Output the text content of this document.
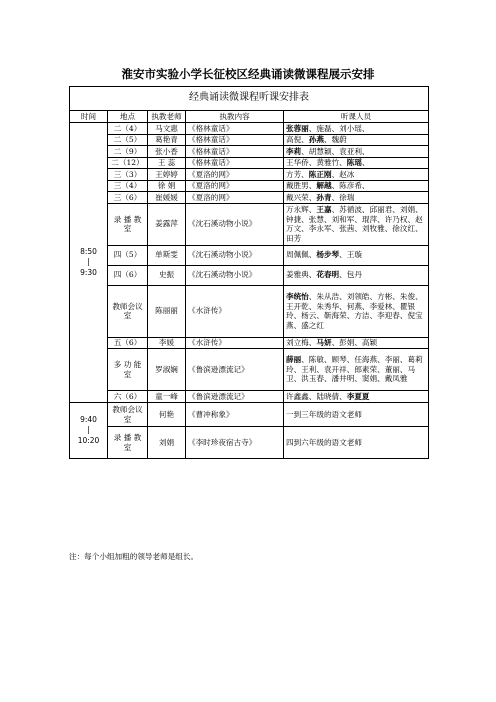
淮安市实验小学长征校区经典诵读微课程展示安排
经典诵读微课程听课安排表				
时间	地点	执教老师	执教内容	听课人员

8:50
|
9:30	二（4）	马文惠	《格林童话》	张蓉丽、施磊、刘小瑶、
	二（5）	葛艳青	《格林童话》	高倪、孙燕、魏蔚
	二（9）	张小香	《格林童话》	李莉、胡慧颖、袁亚利、
	二（12）	王 蕊	《格林童话》	王华侨、黄雅竹、陈瑶、
	三（3）	王婷婷	《夏洛的网》	方芳、陈正刚、赵冰
	三（4）	徐 娟	《夏洛的网》	戴胜男、解越、陈彦希、
	三（6）	崔媛媛	《夏洛的网》	戴兴荣、孙青、徐瑞
	录 播 教 室	姜露萍	《沈石溪动物小说》	万永辉、王嘉、苏循波、邱丽君、刘娟、钟捷、张慧、刘和军、琨萍、许乃权、赵万文、李永军、张茜、刘牧雅、徐汶红、田芳
	四（5）	单斯雯	《沈石溪动物小说》	周佩佩、杨步琴、王璇
	四（6）	史振	《沈石溪动物小说》	姜雅典、花春明、包丹
	教师会议室	陈丽丽	《水浒传》	李统怡、朱从浩、刘领皓、方彬、朱俊、王开乾、朱秀华、何燕、李爱林、瞿银玲、杨云、靳海荣、方洁、李迎春、倪宝燕、盛之红
	五（6）	李媛	《水浒传》	刘立梅、马妍、彭娟、高颖
	多 功 能 室	罗淑娴	《鲁滨逊漂流记》	薛丽、陈敏、顾琴、任海燕、李丽、葛莉玲、王利、袁开祥、郎素荣、董丽、马卫、洪玉春、潘井明、窦娟、戴凤雅
	六（6）	童一峰	《鲁滨逊漂流记》	许鑫鑫、陆晓倩、李夏夏

9:40
|
10:20	教师会议室	何艳	《曹冲称象》	一到三年级的语文老师
	录 播 教 室	刘娟	《李时珍夜宿古寺》	四到六年级的语文老师
注：每个小组加粗的领导老师是组长。
